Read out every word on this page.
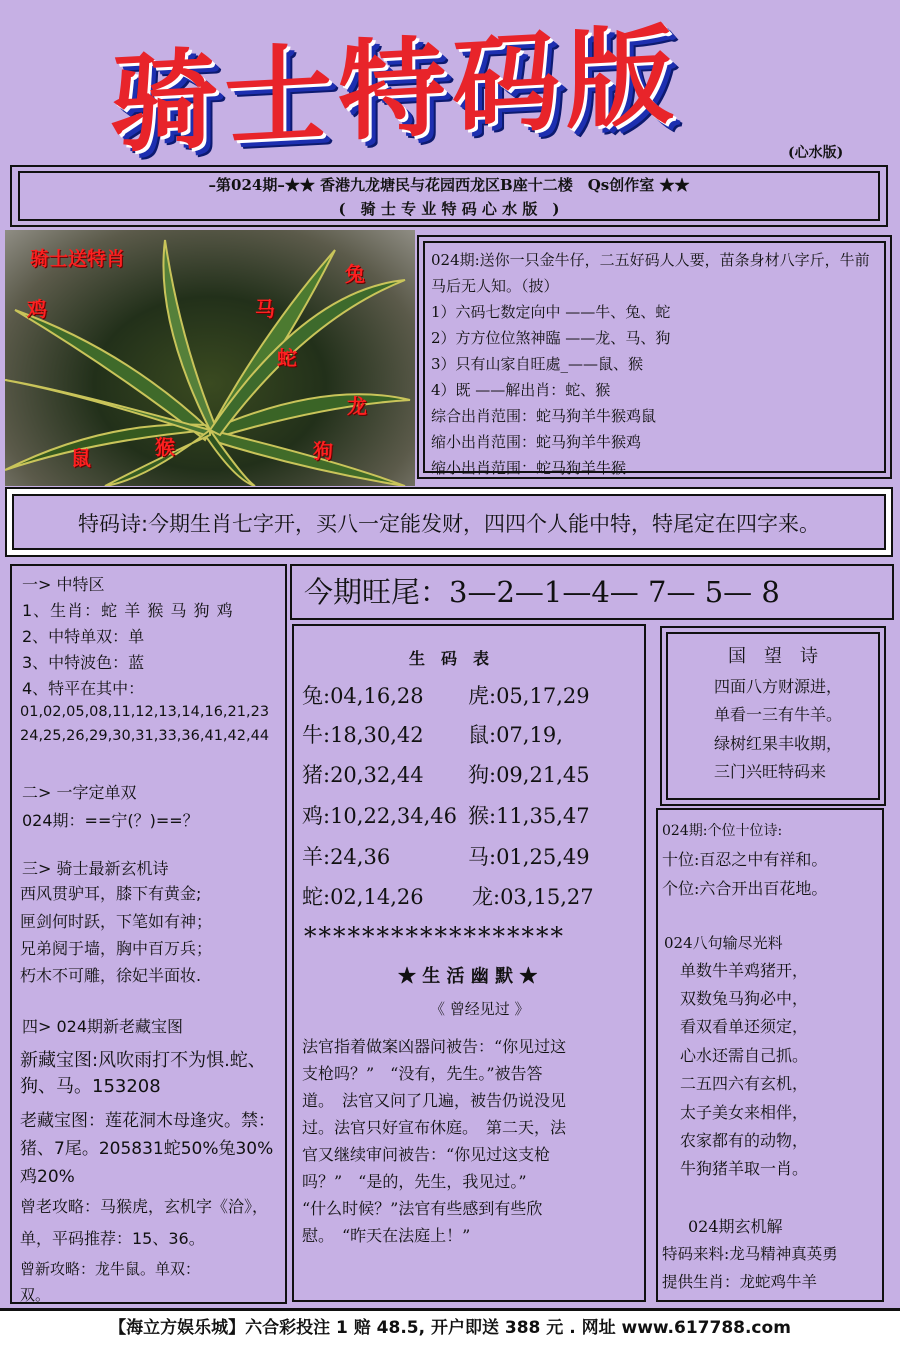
骑士特码版	(心水版)
–第024期–★★ 香港九龙塘民与花园西龙区B座十二楼　Qs创作室 ★★
(　骑 士 专 业 特 码 心 水 版　)
骑士送特肖
兔
鸡	马
蛇
龙
鼠	猴	狗
024期:送你一只金牛仔，二五好码人人要，苗条身材八字斤，牛前马后无人知。（披）
1）六码七数定向中 ——牛、兔、蛇
2）方方位位煞神臨 ——龙、马、狗
3）只有山家自旺處_——鼠、猴
4）既 ——解出肖：蛇、猴
综合出肖范围：蛇马狗羊牛猴鸡鼠
缩小出肖范围：蛇马狗羊牛猴鸡
缩小出肖范围：蛇马狗羊牛猴
特码诗:今期生肖七字开，买八一定能发财，四四个人能中特，特尾定在四字来。
一> 中特区
1、生肖：蛇 羊 猴 马 狗 鸡
2、中特单双：单
3、中特波色：蓝
4、特平在其中：
01,02,05,08,11,12,13,14,16,21,23
24,25,26,29,30,31,33,36,41,42,44
二> 一字定单双
024期：==宁(？)==？
三> 骑士最新玄机诗
西风贯驴耳，膝下有黄金;
匣剑何时跃，下笔如有神；
兄弟阋于墙，胸中百万兵；
朽木不可雕，徐妃半面妆.
四> 024期新老藏宝图
新藏宝图:风吹雨打不为惧.蛇、
狗、马。153208
老藏宝图：莲花洞木母逢灾。禁：
猪、7尾。205831蛇50%兔30%
鸡20%
曾老攻略：马猴虎，玄机字《洽》，
单，平码推荐：15、36。
曾新攻略：龙牛鼠。单双：
双。
今期旺尾：3—2—1—4— 7— 5— 8
生　码　表
兔:04,16,28 虎:05,17,29
牛:18,30,42 鼠:07,19,
猪:20,32,44 狗:09,21,45
鸡:10,22,34,46 猴:11,35,47
羊:24,36	马:01,25,49
蛇:02,14,26 龙:03,15,27
******************
★ 生 活 幽 默 ★
《 曾经见过 》
法官指着做案凶器问被告：“你见过这
支枪吗？”　“没有，先生。”被告答
道。　法官又问了几遍，被告仍说没见
过。法官只好宣布休庭。　第二天，法
官又继续审问被告：“你见过这支枪
吗？”　“是的，先生，我见过。”
“什么时候？”法官有些感到有些欣
慰。　“昨天在法庭上！”
国　望　诗
四面八方财源进，
单看一三有牛羊。
绿树红果丰收期，
三门兴旺特码来
024期:个位十位诗:
十位:百忍之中有祥和。
个位:六合开出百花地。
024八句输尽光料
单数牛羊鸡猪开，
双数兔马狗必中，
看双看单还须定，
心水还需自己抓。
二五四六有玄机，
太子美女来相伴，
农家都有的动物，
牛狗猪羊取一肖。
024期玄机解
特码来料:龙马精神真英勇
提供生肖：龙蛇鸡牛羊
【海立方娱乐城】六合彩投注 1 赔 48.5, 开户即送 388 元 . 网址 www.617788.com
